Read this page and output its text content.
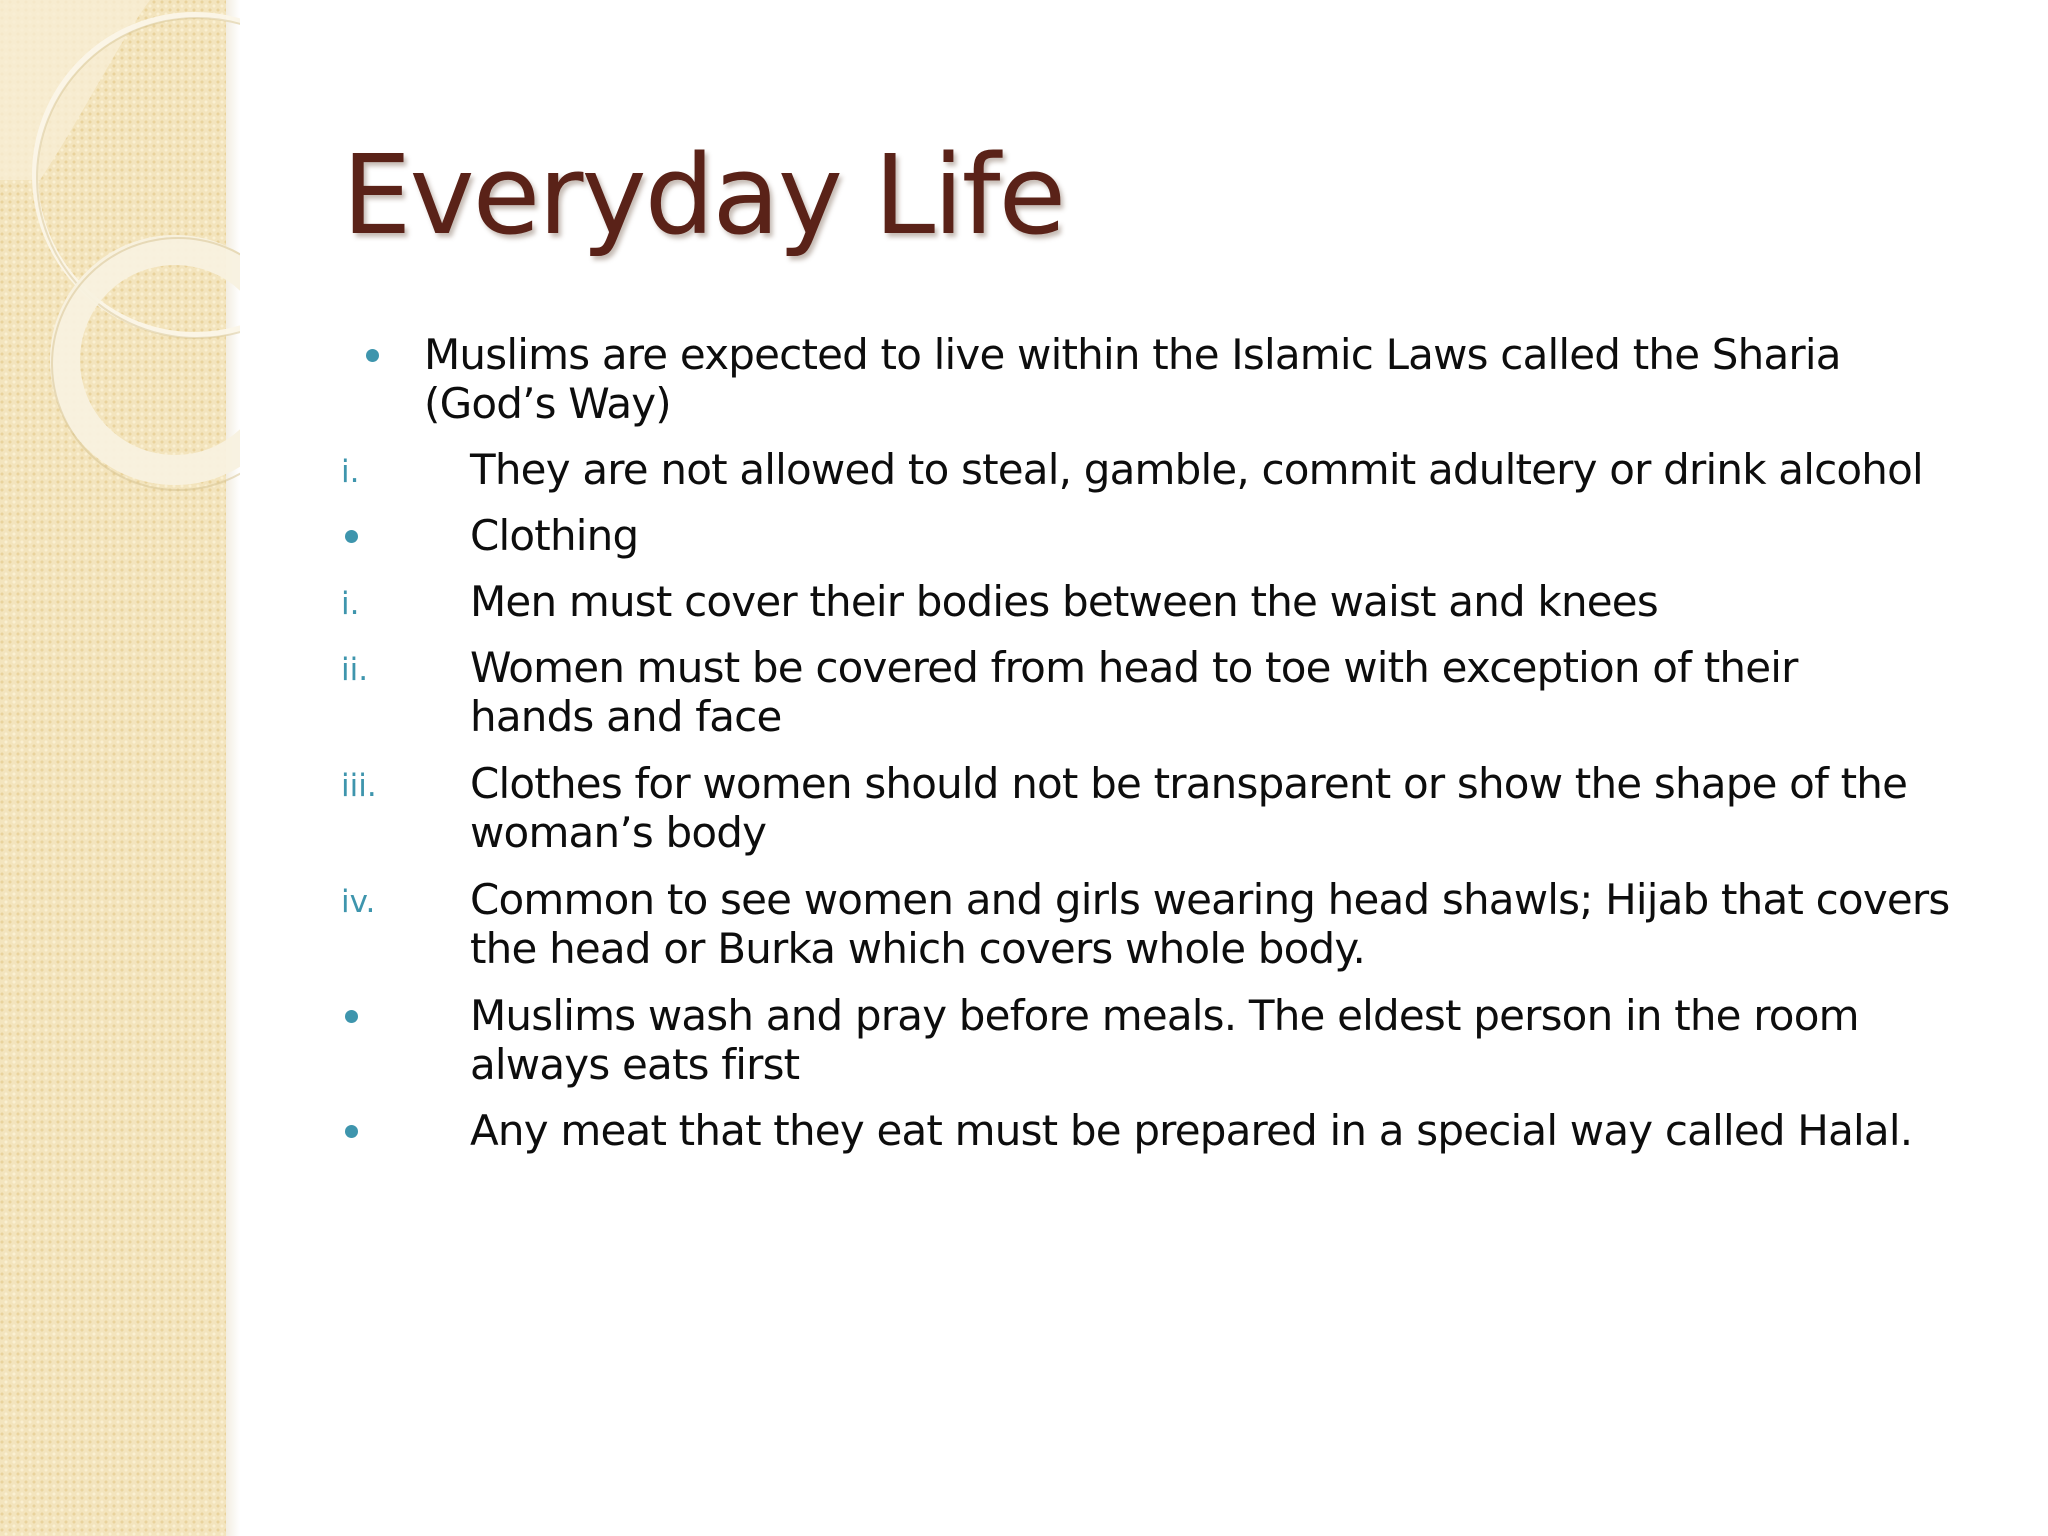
Everyday Life
Muslims are expected to live within the Islamic Laws called the Sharia (God’s Way)
i.	They are not allowed to steal, gamble, commit adultery or drink alcohol
Clothing
i.	Men must cover their bodies between the waist and knees
ii. Women must be covered from head to toe with exception of their hands and face
iii. Clothes for women should not be transparent or show the shape of the woman’s body
iv. Common to see women and girls wearing head shawls; Hijab that covers the head or Burka which covers whole body.
Muslims wash and pray before meals. The eldest person in the room always eats first
Any meat that they eat must be prepared in a special way called Halal.
